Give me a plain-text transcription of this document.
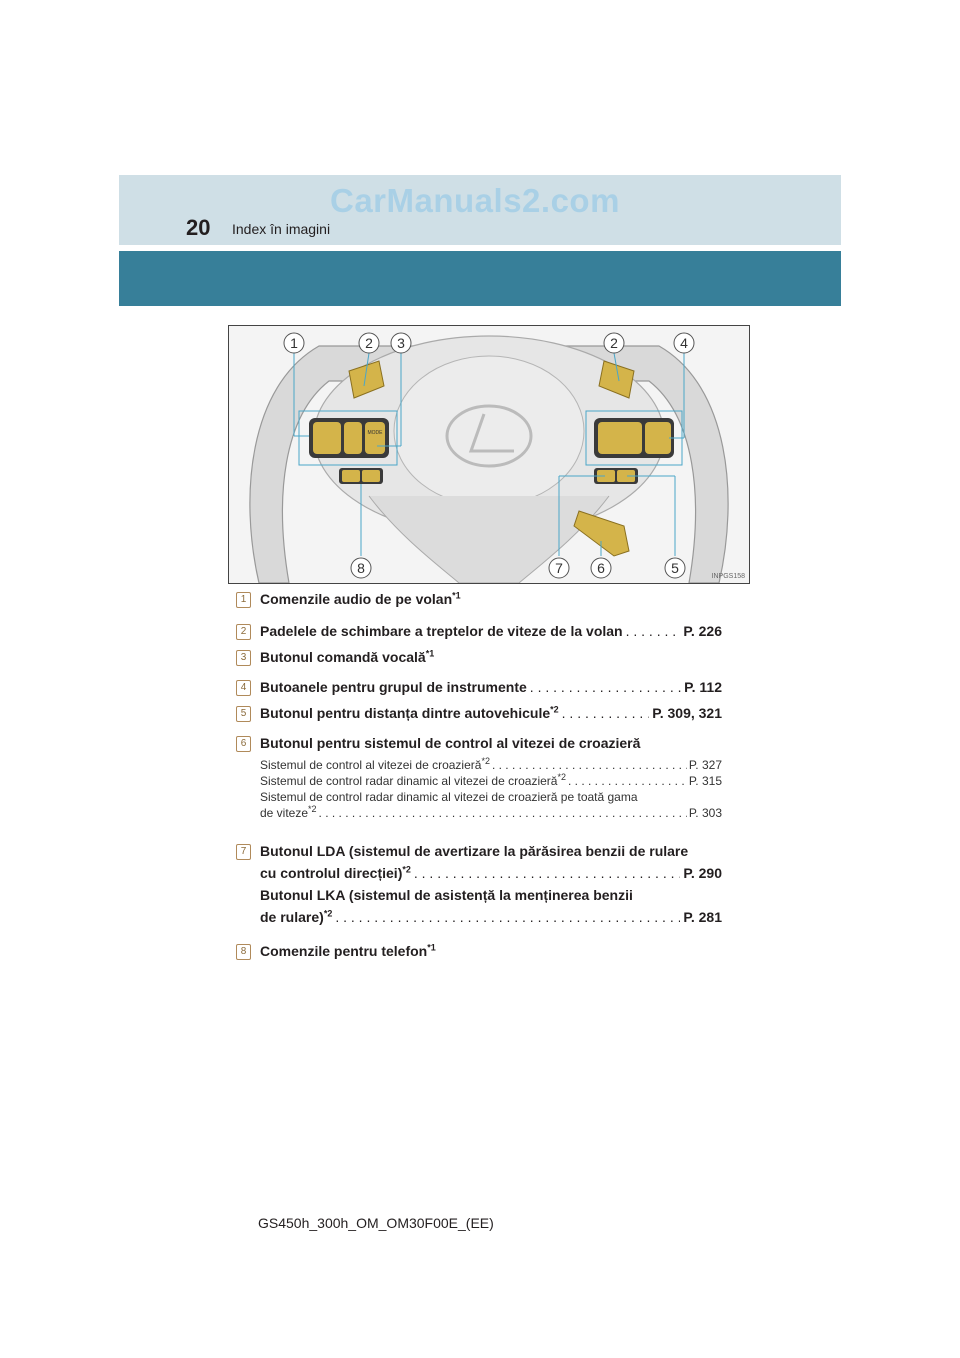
CarManuals2.com
20 Index în imagini
MODE
1	2 3	2	4
8	7 6	5
INPGS158
1 Comenzile audio de pe volan$^{*1}$
2 Padelele de schimbare a treptelor de viteze de la volan . . .	P. 226
3 Butonul comandă vocală$^{*1}$
4 Butoanele pentru grupul de instrumente . . .	P. 112
5 Butonul pentru distanța dintre autovehicule$^{*2}$ . . .	P. 309, 321
6 Butonul pentru sistemul de control al vitezei de croazieră
Sistemul de control al vitezei de croazieră$^{*2}$ . . .	P. 327
Sistemul de control radar dinamic al vitezei de croazieră$^{*2}$ . . .	P. 315
Sistemul de control radar dinamic al vitezei de croazieră pe toată gama
de viteze$^{*2}$ . . .	P. 303
7 Butonul LDA (sistemul de avertizare la părăsirea benzii de rulare
cu controlul direcției)$^{*2}$ . . .	P. 290
Butonul LKA (sistemul de asistență la menținerea benzii
de rulare)$^{*2}$ . . .	P. 281
8 Comenzile pentru telefon$^{*1}$
GS450h_300h_OM_OM30F00E_(EE)
